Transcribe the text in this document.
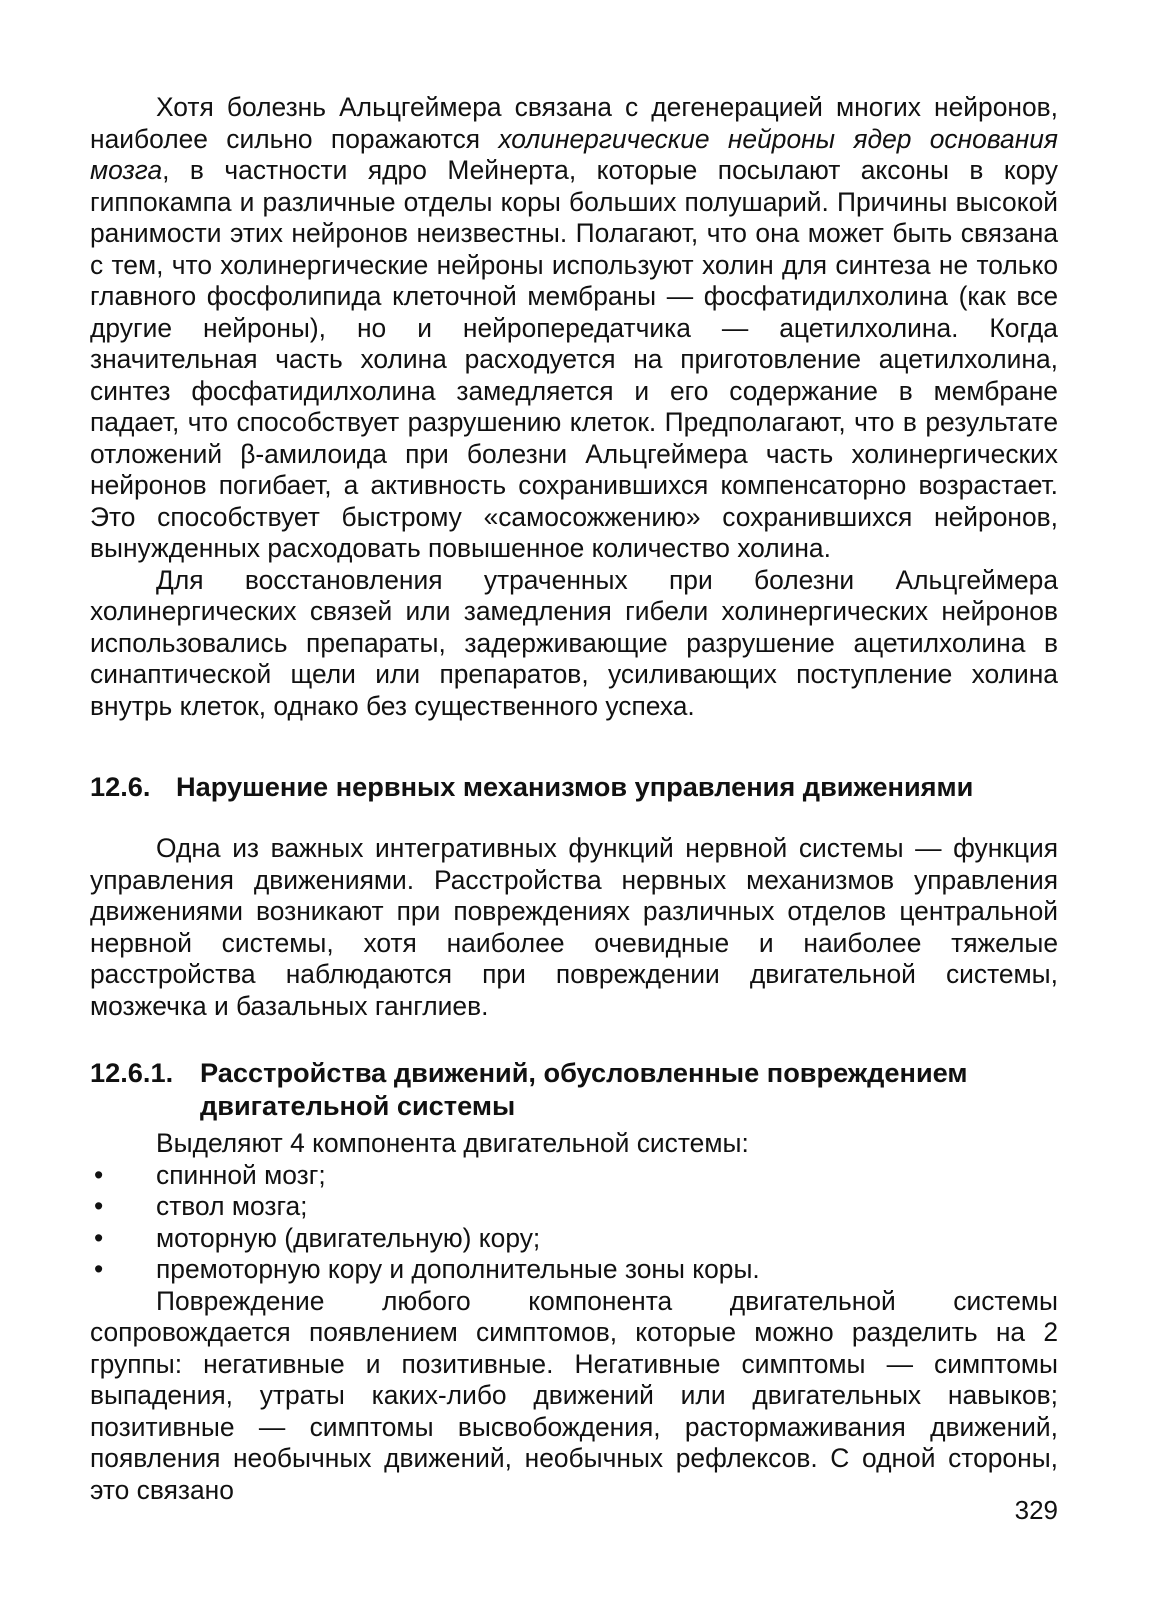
Хотя болезнь Альцгеймера связана с дегенерацией многих нейронов, наиболее сильно поражаются холинергические нейроны ядер основания мозга, в частности ядро Мейнерта, которые посылают аксоны в кору гиппокампа и различные отделы коры больших полушарий. Причины высокой ранимости этих нейронов неизвестны. Полагают, что она может быть связана с тем, что холинергические нейроны используют холин для синтеза не только главного фосфолипида клеточной мембраны — фосфатидилхолина (как все другие нейроны), но и нейропередатчика — ацетилхолина. Когда значительная часть холина расходуется на приготовление ацетилхолина, синтез фосфатидилхолина замедляется и его содержание в мембране падает, что способствует разрушению клеток. Предполагают, что в результате отложений β-амилоида при болезни Альцгеймера часть холинергических нейронов погибает, а активность сохранившихся компенсаторно возрастает. Это способствует быстрому «самосожжению» сохранившихся нейронов, вынужденных расходовать повышенное количество холина.

Для восстановления утраченных при болезни Альцгеймера холинергических связей или замедления гибели холинергических нейронов использовались препараты, задерживающие разрушение ацетилхолина в синаптической щели или препаратов, усиливающих поступление холина внутрь клеток, однако без существенного успеха.

12.6. Нарушение нервных механизмов управления движениями

Одна из важных интегративных функций нервной системы — функция управления движениями. Расстройства нервных механизмов управления движениями возникают при повреждениях различных отделов центральной нервной системы, хотя наиболее очевидные и наиболее тяжелые расстройства наблюдаются при повреждении двигательной системы, мозжечка и базальных ганглиев.

12.6.1. Расстройства движений, обусловленные повреждением двигательной системы

Выделяют 4 компонента двигательной системы:

• спинной мозг;
• ствол мозга;
• моторную (двигательную) кору;
• премоторную кору и дополнительные зоны коры.

Повреждение любого компонента двигательной системы сопровождается появлением симптомов, которые можно разделить на 2 группы: негативные и позитивные. Негативные симптомы — симптомы выпадения, утраты каких-либо движений или двигательных навыков; позитивные — симптомы высвобождения, растормаживания движений, появления необычных движений, необычных рефлексов. С одной стороны, это связано

329
